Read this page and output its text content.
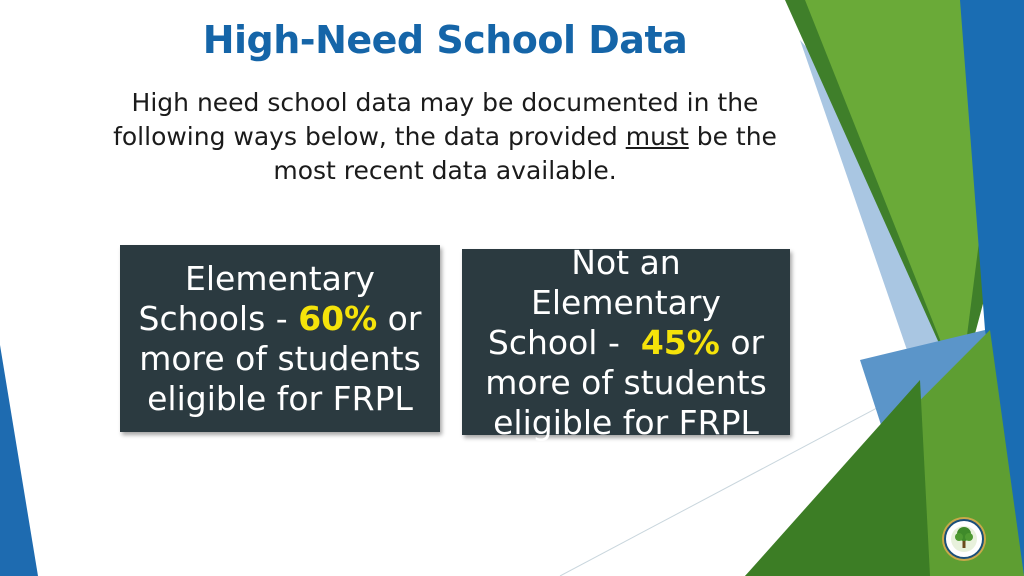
High-Need School Data
High need school data may be documented in the following ways below, the data provided must be the most recent data available.
Elementary
Schools - 60% or
more of students
eligible for FRPL
Not an
Elementary
School -  45% or
more of students
eligible for FRPL
